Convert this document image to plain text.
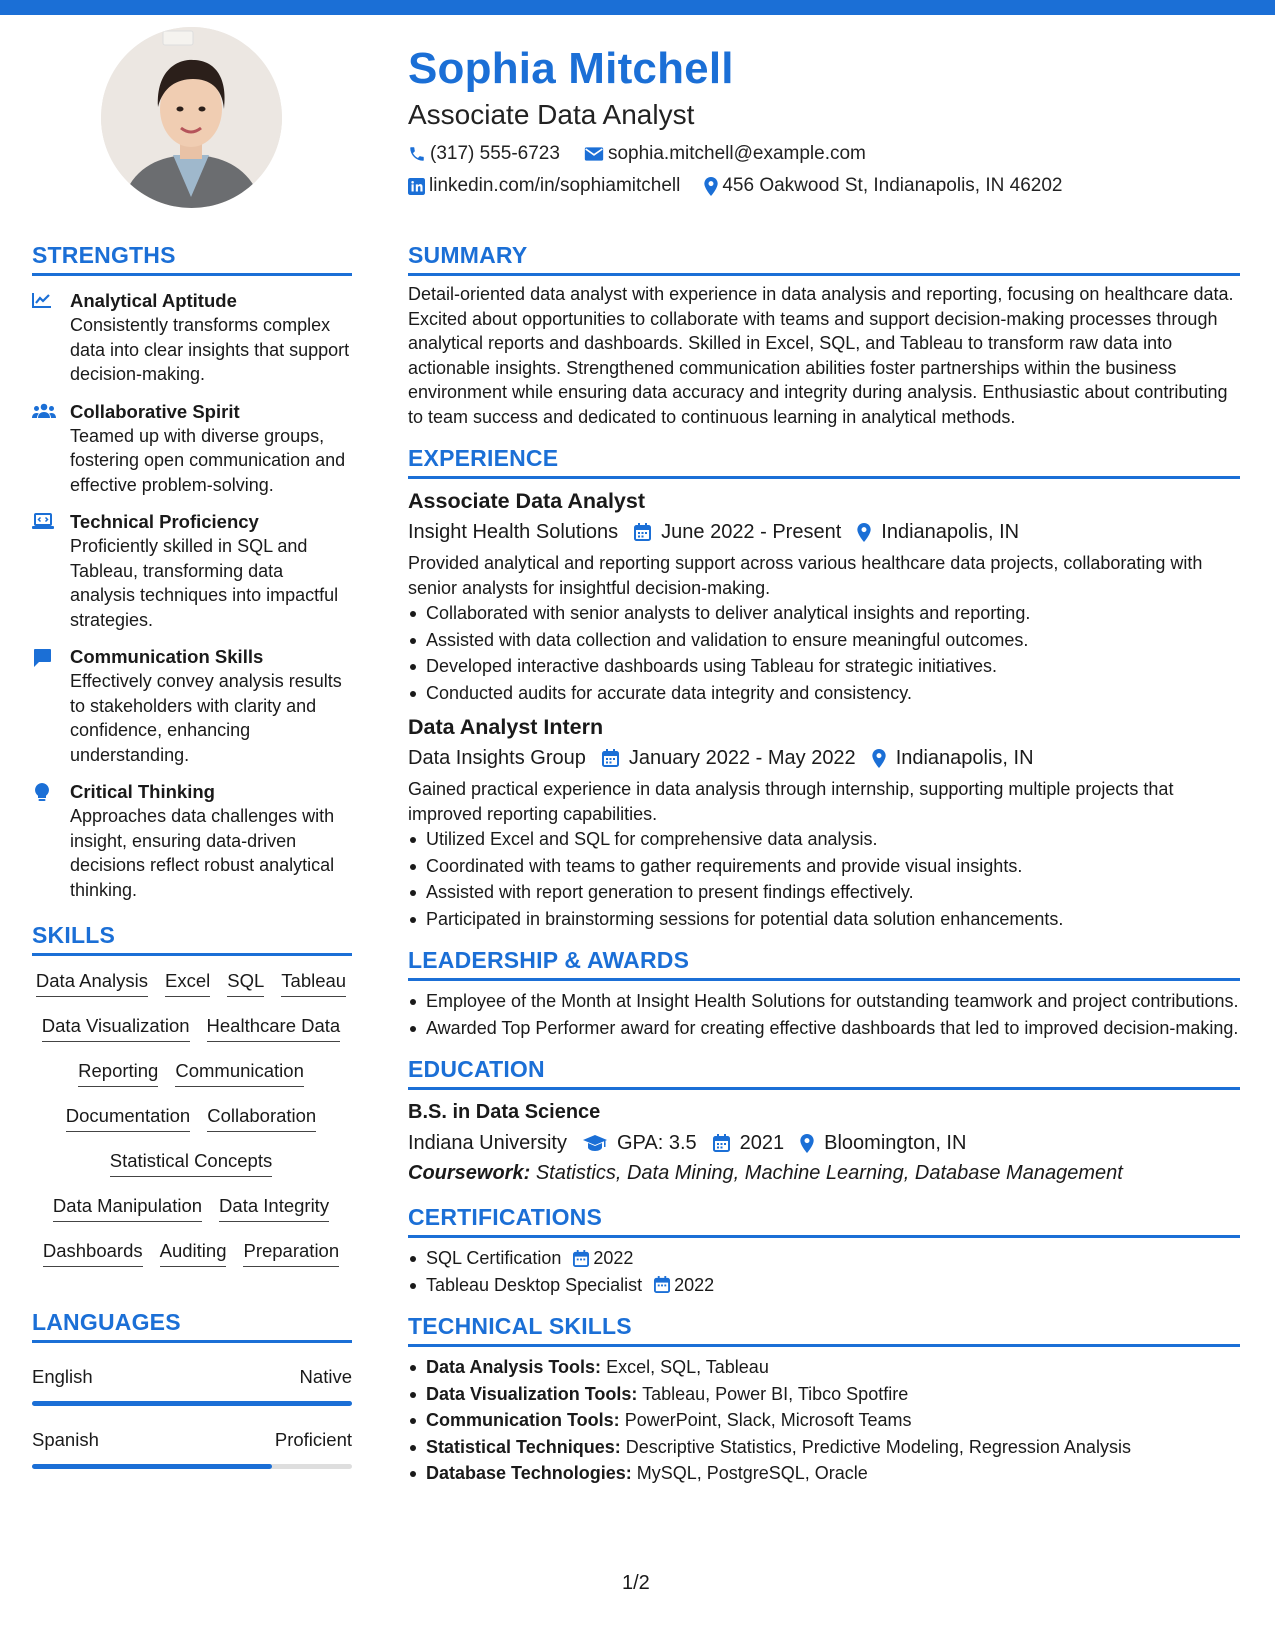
Sophia Mitchell
Associate Data Analyst
(317) 555-6723	sophia.mitchell@example.com
linkedin.com/in/sophiamitchell 456 Oakwood St, Indianapolis, IN 46202
STRENGTHS
Analytical Aptitude
Consistently transforms complex data into clear insights that support decision-making.
Collaborative Spirit
Teamed up with diverse groups, fostering open communication and effective problem-solving.
Technical Proficiency
Proficiently skilled in SQL and Tableau, transforming data analysis techniques into impactful strategies.
Communication Skills
Effectively convey analysis results to stakeholders with clarity and confidence, enhancing understanding.
Critical Thinking
Approaches data challenges with insight, ensuring data-driven decisions reflect robust analytical thinking.
SKILLS
Data Analysis Excel SQL Tableau
Data Visualization Healthcare Data
Reporting Communication
Documentation Collaboration
Statistical Concepts
Data Manipulation Data Integrity
Dashboards Auditing Preparation
LANGUAGES
English	Native
Spanish	Proficient
SUMMARY
Detail-oriented data analyst with experience in data analysis and reporting, focusing on healthcare data. Excited about opportunities to collaborate with teams and support decision-making processes through analytical reports and dashboards. Skilled in Excel, SQL, and Tableau to transform raw data into actionable insights. Strengthened communication abilities foster partnerships within the business environment while ensuring data accuracy and integrity during analysis. Enthusiastic about contributing to team success and dedicated to continuous learning in analytical methods.
EXPERIENCE
Associate Data Analyst
Insight Health Solutions June 2022 - Present Indianapolis, IN
Provided analytical and reporting support across various healthcare data projects, collaborating with senior analysts for insightful decision-making.
Collaborated with senior analysts to deliver analytical insights and reporting.
Assisted with data collection and validation to ensure meaningful outcomes.
Developed interactive dashboards using Tableau for strategic initiatives.
Conducted audits for accurate data integrity and consistency.
Data Analyst Intern
Data Insights Group January 2022 - May 2022 Indianapolis, IN
Gained practical experience in data analysis through internship, supporting multiple projects that improved reporting capabilities.
Utilized Excel and SQL for comprehensive data analysis.
Coordinated with teams to gather requirements and provide visual insights.
Assisted with report generation to present findings effectively.
Participated in brainstorming sessions for potential data solution enhancements.
LEADERSHIP & AWARDS
Employee of the Month at Insight Health Solutions for outstanding teamwork and project contributions.
Awarded Top Performer award for creating effective dashboards that led to improved decision-making.
EDUCATION
B.S. in Data Science
Indiana University	GPA: 3.5 2021 Bloomington, IN
Coursework: Statistics, Data Mining, Machine Learning, Database Management
CERTIFICATIONS
SQL Certification 2022
Tableau Desktop Specialist 2022
TECHNICAL SKILLS
Data Analysis Tools: Excel, SQL, Tableau
Data Visualization Tools: Tableau, Power BI, Tibco Spotfire
Communication Tools: PowerPoint, Slack, Microsoft Teams
Statistical Techniques: Descriptive Statistics, Predictive Modeling, Regression Analysis
Database Technologies: MySQL, PostgreSQL, Oracle
1/2
